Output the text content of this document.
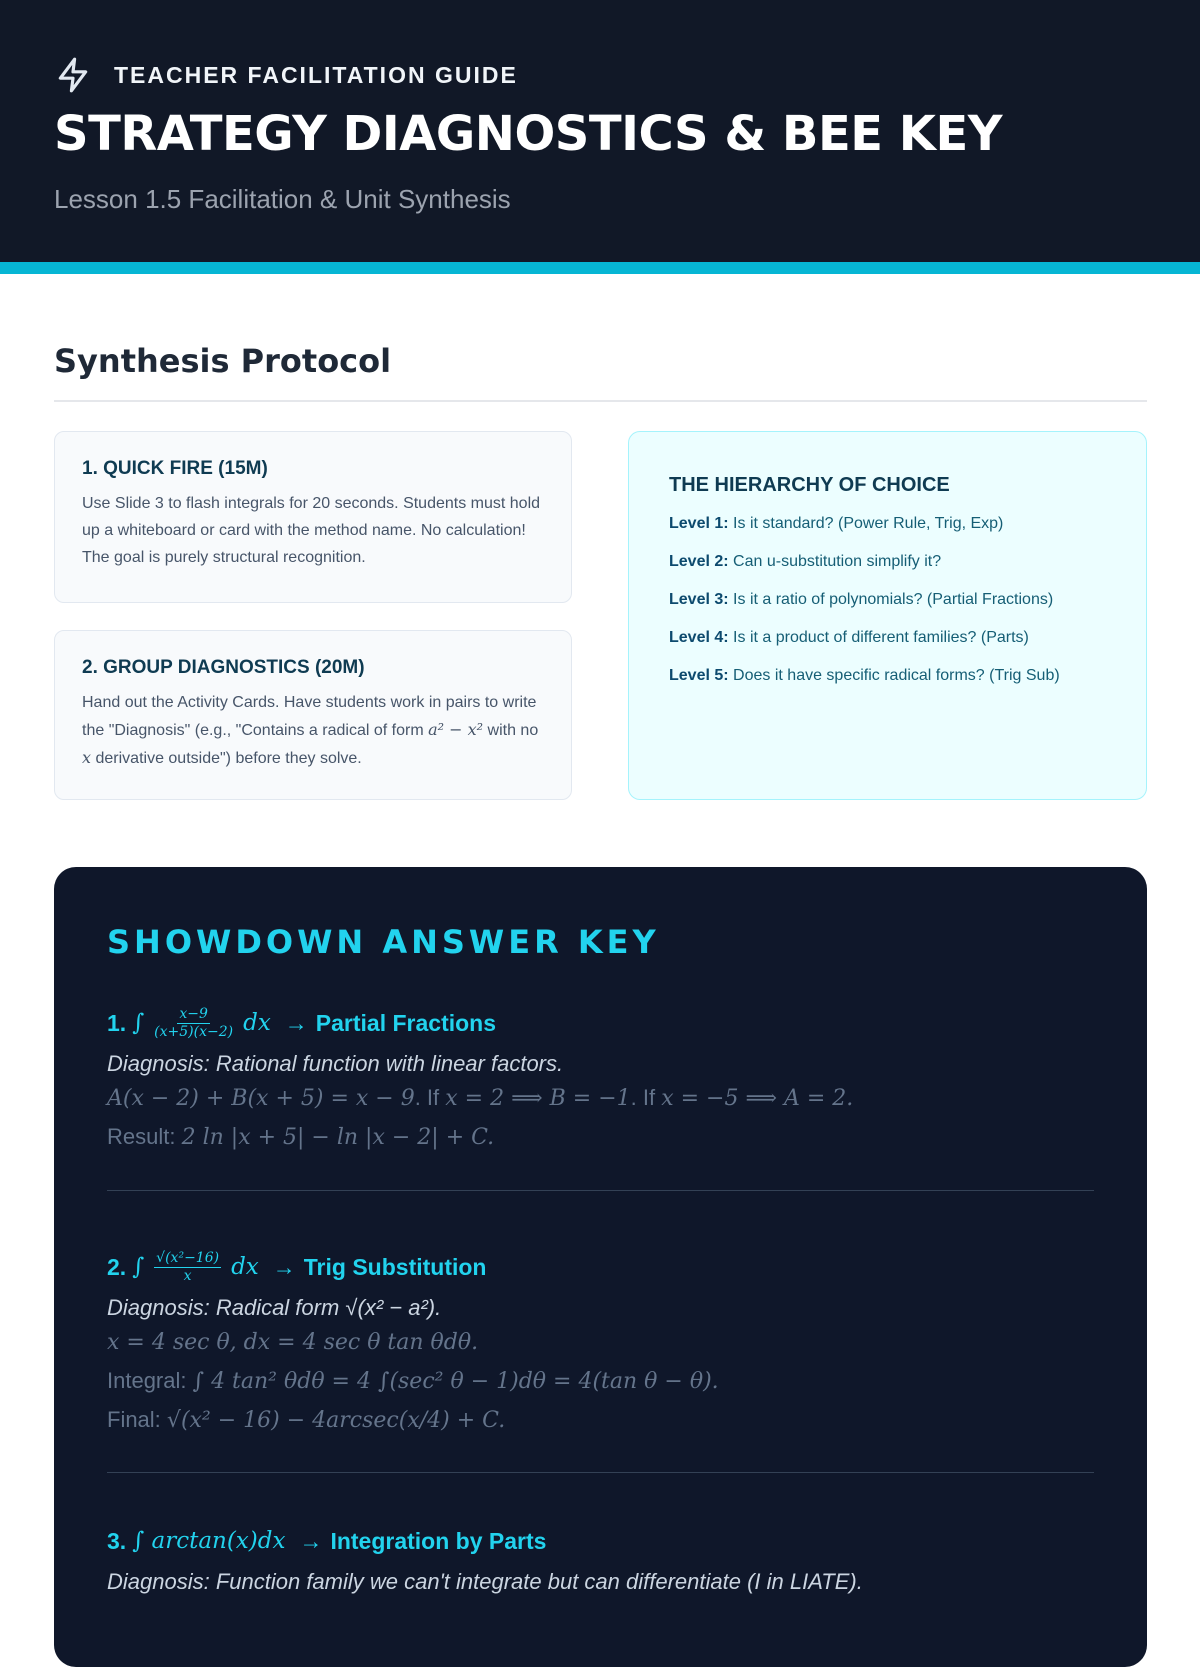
TEACHER FACILITATION GUIDE
STRATEGY DIAGNOSTICS & BEE KEY
Lesson 1.5 Facilitation & Unit Synthesis
Synthesis Protocol
1. QUICK FIRE (15M)

Use Slide 3 to flash integrals for 20 seconds. Students must hold up a whiteboard or card with the method name. No calculation! The goal is purely structural recognition.

2. GROUP DIAGNOSTICS (20M)

Hand out the Activity Cards. Have students work in pairs to write the "Diagnosis" (e.g., "Contains a radical of form a² − x² with no x derivative outside") before they solve.

THE HIERARCHY OF CHOICE
Level 1: Is it standard? (Power Rule, Trig, Exp)
Level 2: Can u-substitution simplify it?
Level 3: Is it a ratio of polynomials? (Partial Fractions)
Level 4: Is it a product of different families? (Parts)
Level 5: Does it have specific radical forms? (Trig Sub)
SHOWDOWN ANSWER KEY
1. ∫ $\frac{x-9}{(x+5)(x-2)}$ dx → Partial Fractions
Diagnosis: Rational function with linear factors.
A(x − 2) + B(x + 5) = x − 9. If x = 2 ⟹ B = −1. If x = −5 ⟹ A = 2.
Result: 2 ln |x + 5| − ln |x − 2| + C.
2. ∫ $\frac{\text{√(x²−16)}}{x}$ dx → Trig Substitution
Diagnosis: Radical form √(x² − a²).
x = 4 sec θ, dx = 4 sec θ tan θdθ.
Integral: ∫ 4 tan² θdθ = 4 ∫(sec² θ − 1)dθ = 4(tan θ − θ).
Final: √(x² − 16) − 4arcsec(x/4) + C.
3. ∫ arctan(x)dx → Integration by Parts
Diagnosis: Function family we can't integrate but can differentiate (I in LIATE).
